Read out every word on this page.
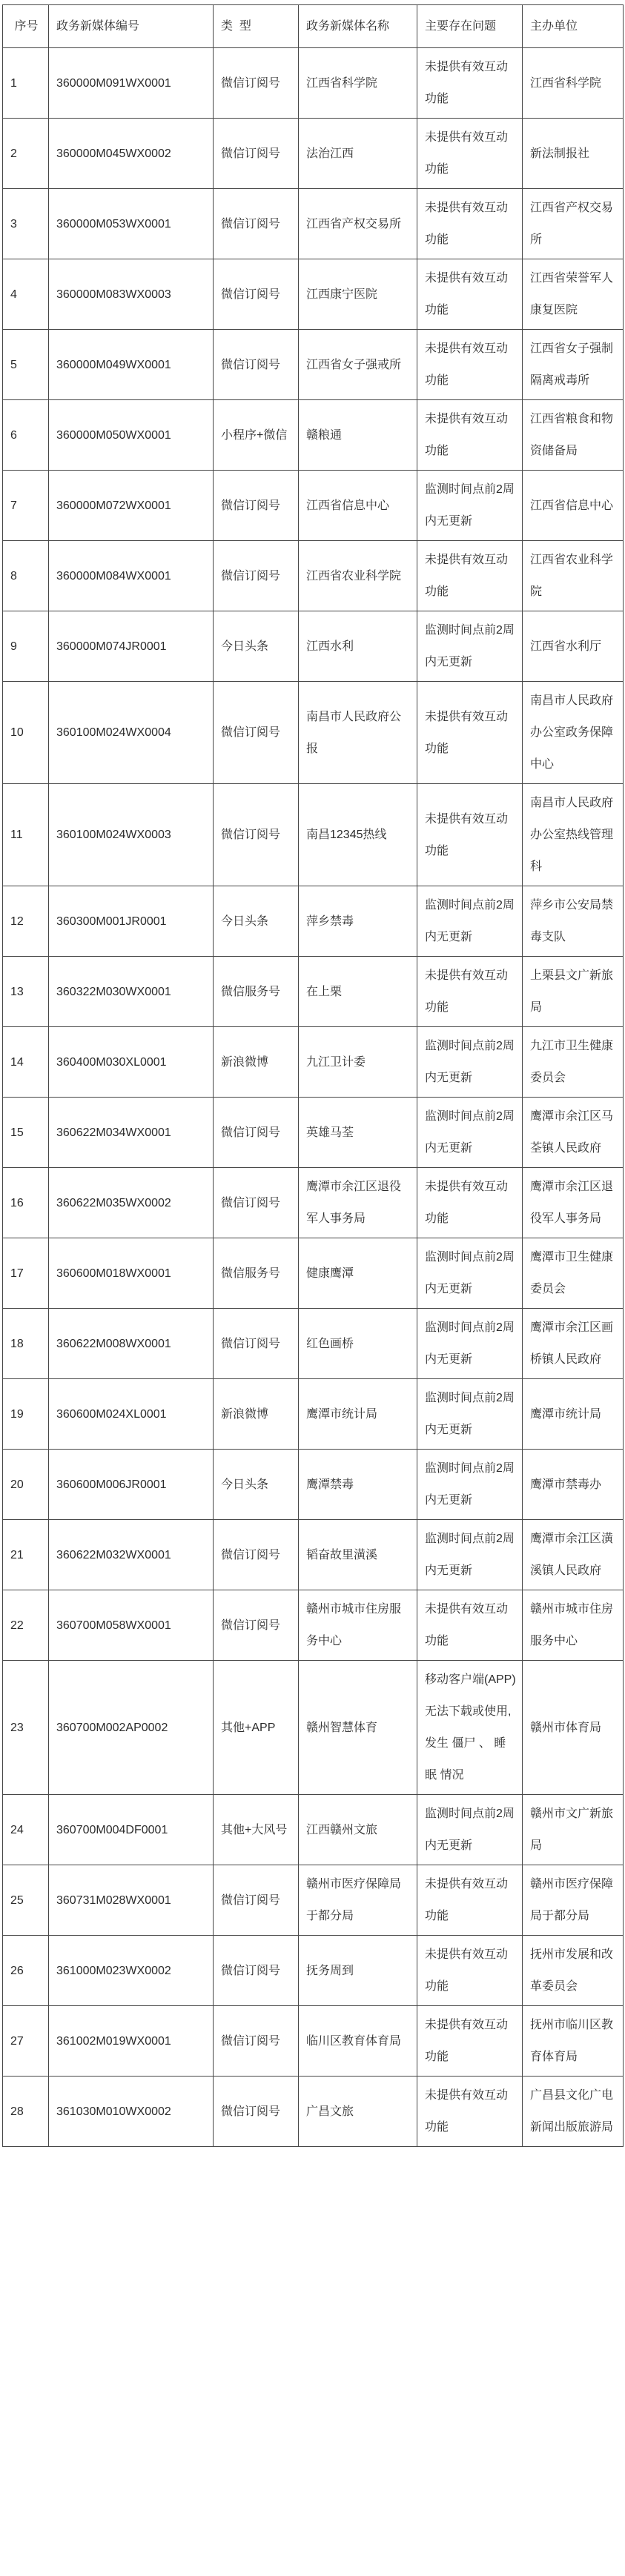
序号	政务新媒体编号	类  型	政务新媒体名称	主要存在问题	主办单位
1	360000M091WX0001	微信订阅号	江西省科学院	未提供有效互动功能	江西省科学院
2	360000M045WX0002	微信订阅号	法治江西	未提供有效互动功能	新法制报社
3	360000M053WX0001	微信订阅号	江西省产权交易所	未提供有效互动功能	江西省产权交易所
4	360000M083WX0003	微信订阅号	江西康宁医院	未提供有效互动功能	江西省荣誉军人康复医院
5	360000M049WX0001	微信订阅号	江西省女子强戒所	未提供有效互动功能	江西省女子强制隔离戒毒所
6	360000M050WX0001	小程序+微信	赣粮通	未提供有效互动功能	江西省粮食和物资储备局
7	360000M072WX0001	微信订阅号	江西省信息中心	监测时间点前2周内无更新	江西省信息中心
8	360000M084WX0001	微信订阅号	江西省农业科学院	未提供有效互动功能	江西省农业科学院
9	360000M074JR0001	今日头条	江西水利	监测时间点前2周内无更新	江西省水利厅
10	360100M024WX0004	微信订阅号	南昌市人民政府公报	未提供有效互动功能	南昌市人民政府办公室政务保障中心
11	360100M024WX0003	微信订阅号	南昌12345热线	未提供有效互动功能	南昌市人民政府办公室热线管理科
12	360300M001JR0001	今日头条	萍乡禁毒	监测时间点前2周内无更新	萍乡市公安局禁毒支队
13	360322M030WX0001	微信服务号	在上栗	未提供有效互动功能	上栗县文广新旅局
14	360400M030XL0001	新浪微博	九江卫计委	监测时间点前2周内无更新	九江市卫生健康委员会
15	360622M034WX0001	微信订阅号	英雄马荃	监测时间点前2周内无更新	鹰潭市余江区马荃镇人民政府
16	360622M035WX0002	微信订阅号	鹰潭市余江区退役军人事务局	未提供有效互动功能	鹰潭市余江区退役军人事务局
17	360600M018WX0001	微信服务号	健康鹰潭	监测时间点前2周内无更新	鹰潭市卫生健康委员会
18	360622M008WX0001	微信订阅号	红色画桥	监测时间点前2周内无更新	鹰潭市余江区画桥镇人民政府
19	360600M024XL0001	新浪微博	鹰潭市统计局	监测时间点前2周内无更新	鹰潭市统计局
20	360600M006JR0001	今日头条	鹰潭禁毒	监测时间点前2周内无更新	鹰潭市禁毒办
21	360622M032WX0001	微信订阅号	韬奋故里潢溪	监测时间点前2周内无更新	鹰潭市余江区潢溪镇人民政府
22	360700M058WX0001	微信订阅号	赣州市城市住房服务中心	未提供有效互动功能	赣州市城市住房服务中心
23	360700M002AP0002	其他+APP	赣州智慧体育	移动客户端(APP)无法下载或使用,发生 僵尸 、 睡眠 情况	赣州市体育局
24	360700M004DF0001	其他+大风号	江西赣州文旅	监测时间点前2周内无更新	赣州市文广新旅局
25	360731M028WX0001	微信订阅号	赣州市医疗保障局于都分局	未提供有效互动功能	赣州市医疗保障局于都分局
26	361000M023WX0002	微信订阅号	抚务周到	未提供有效互动功能	抚州市发展和改革委员会
27	361002M019WX0001	微信订阅号	临川区教育体育局	未提供有效互动功能	抚州市临川区教育体育局
28	361030M010WX0002	微信订阅号	广昌文旅	未提供有效互动功能	广昌县文化广电新闻出版旅游局
